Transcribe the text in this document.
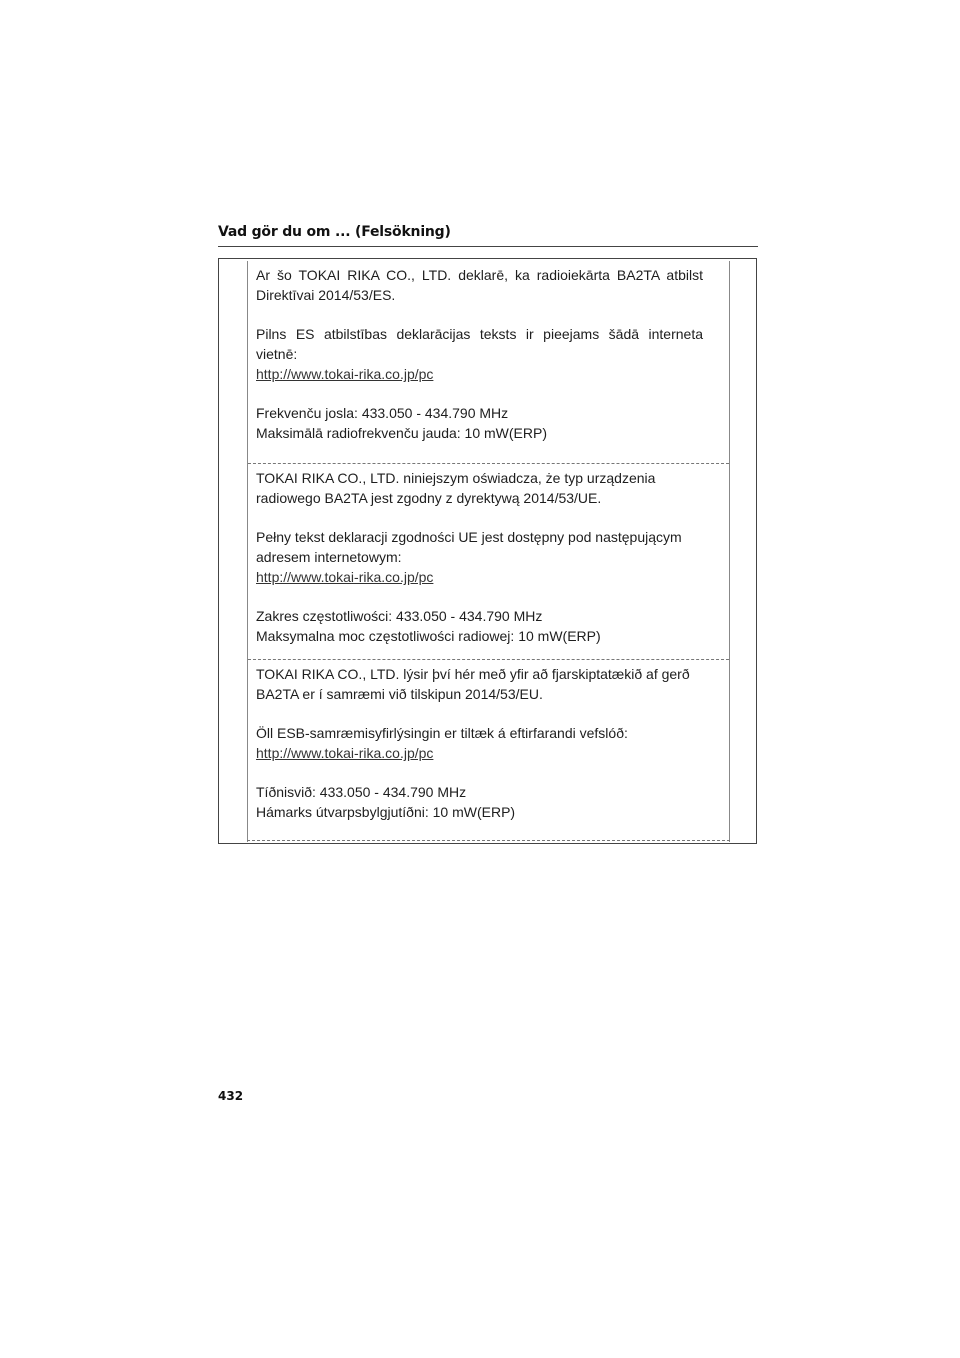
Vad gör du om ... (Felsökning)

Ar šo TOKAI RIKA CO., LTD. deklarē, ka radioiekārta BA2TA atbilst Direktīvai 2014/53/ES.

Pilns ES atbilstības deklarācijas teksts ir pieejams šādā interneta vietnē:

http://www.tokai-rika.co.jp/pc

Frekvenču josla: 433.050 - 434.790 MHz

Maksimālā radiofrekvenču jauda: 10 mW(ERP)

TOKAI RIKA CO., LTD. niniejszym oświadcza, że typ urządzenia radiowego BA2TA jest zgodny z dyrektywą 2014/53/UE.

Pełny tekst deklaracji zgodności UE jest dostępny pod następującym adresem internetowym:

http://www.tokai-rika.co.jp/pc

Zakres częstotliwości: 433.050 - 434.790 MHz

Maksymalna moc częstotliwości radiowej: 10 mW(ERP)

TOKAI RIKA CO., LTD. lýsir því hér með yfir að fjarskiptatækið af gerð BA2TA er í samræmi við tilskipun 2014/53/EU.

Öll ESB-samræmisyfirlýsingin er tiltæk á eftirfarandi vefslóð:

http://www.tokai-rika.co.jp/pc

Tíðnisvið: 433.050 - 434.790 MHz

Hámarks útvarpsbylgjutíðni: 10 mW(ERP)

432
